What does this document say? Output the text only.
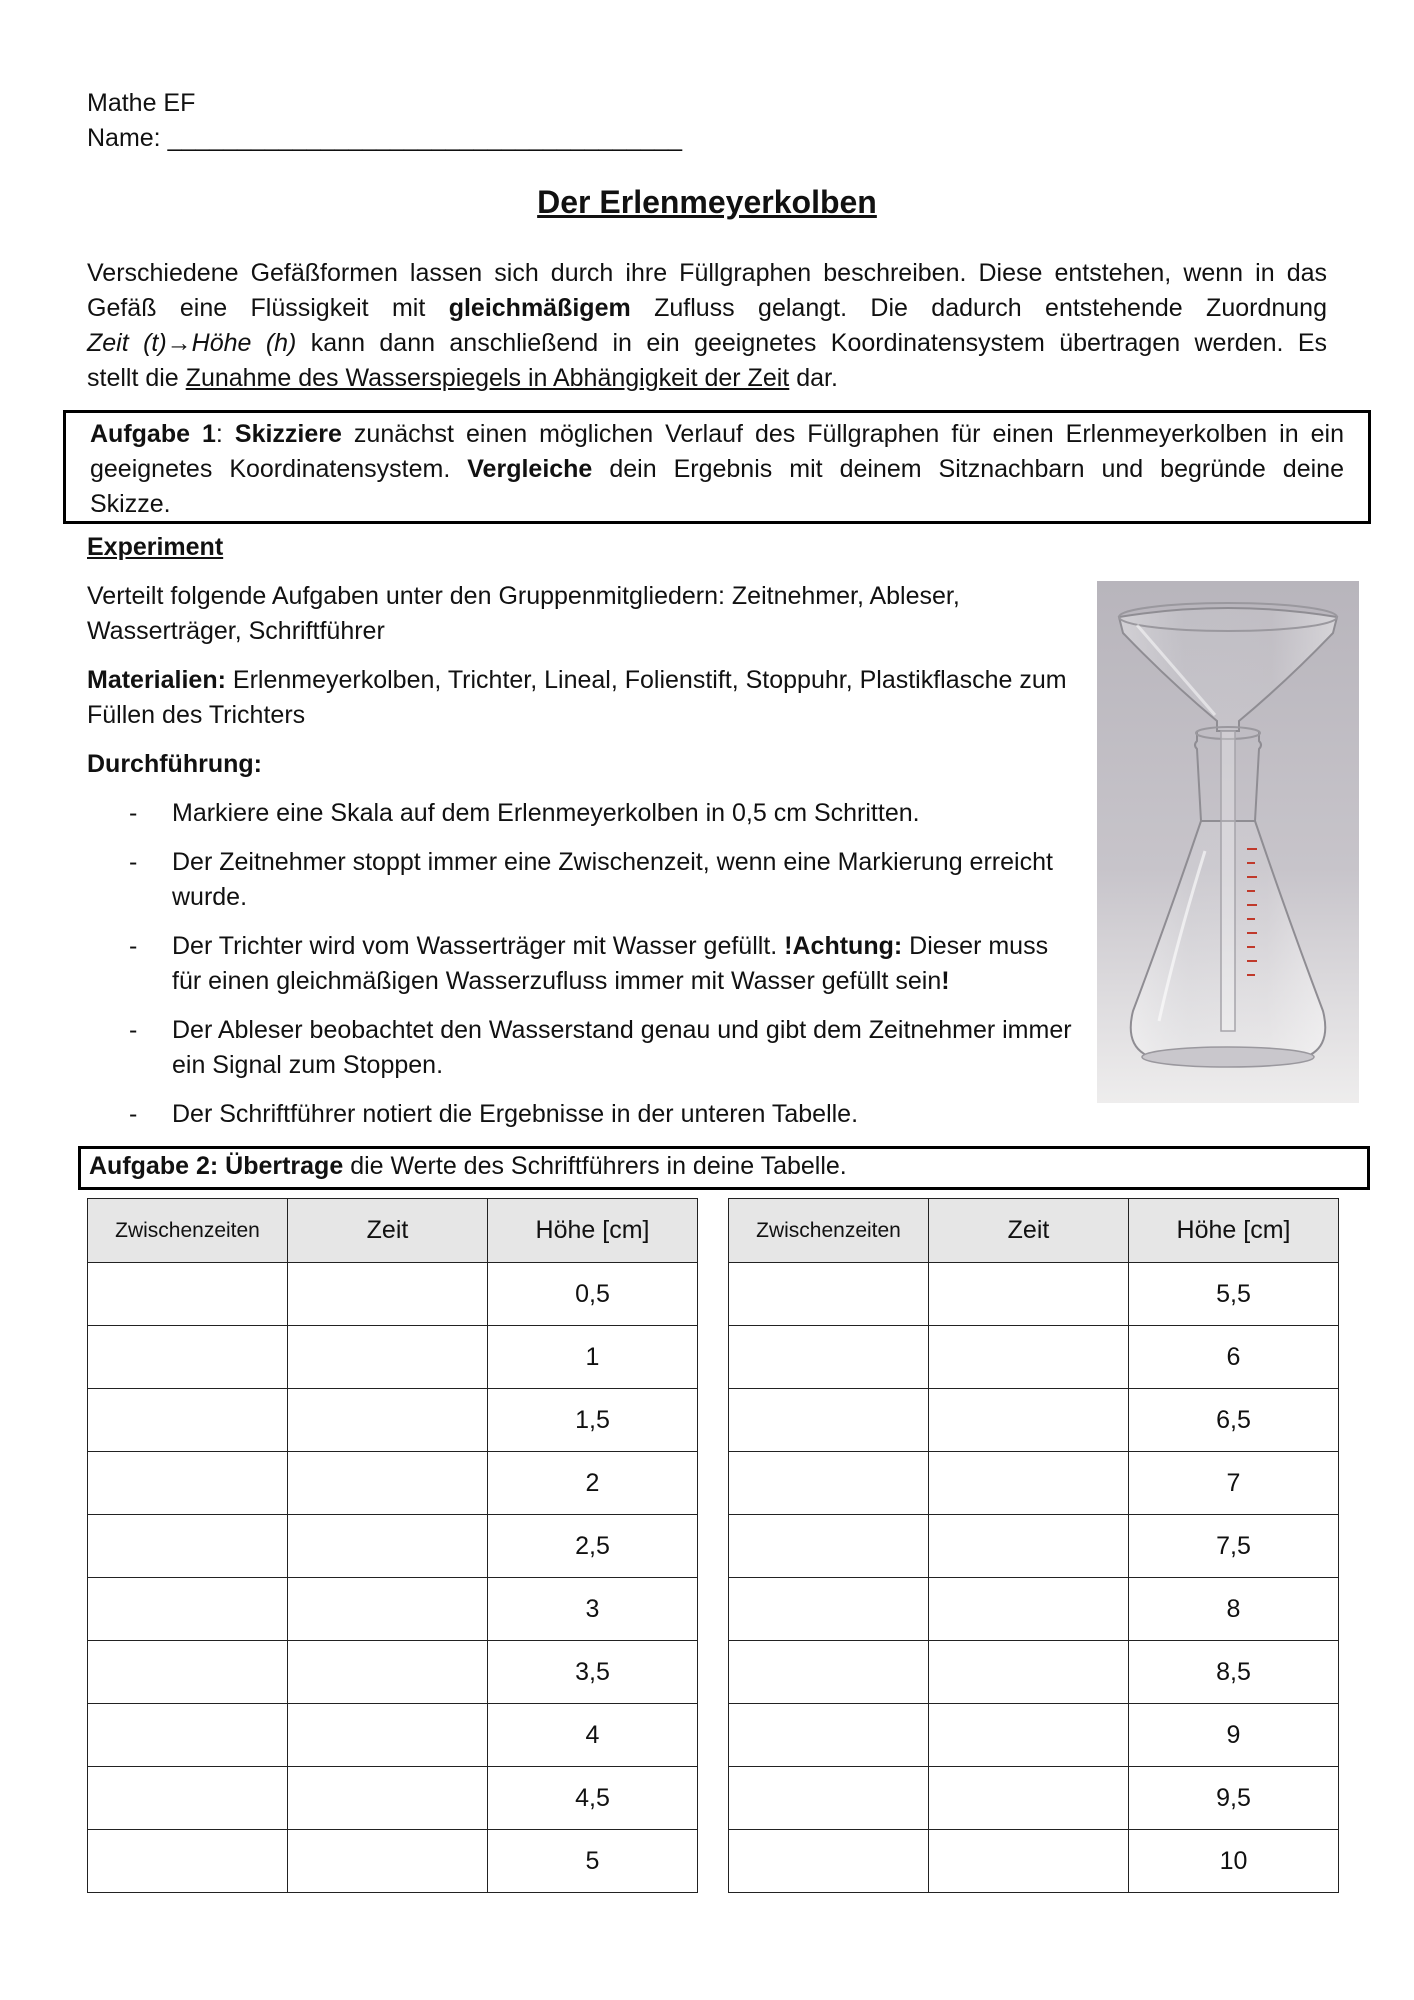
Mathe EF
Name: _____________________________________
Der Erlenmeyerkolben

Verschiedene Gefäßformen lassen sich durch ihre Füllgraphen beschreiben. Diese entstehen, wenn in das

Gefäß eine Flüssigkeit mit gleichmäßigem Zufluss gelangt. Die dadurch entstehende Zuordnung

Zeit (t)→Höhe (h) kann dann anschließend in ein geeignetes Koordinatensystem übertragen werden. Es

stellt die Zunahme des Wasserspiegels in Abhängigkeit der Zeit dar.

Aufgabe 1: Skizziere zunächst einen möglichen Verlauf des Füllgraphen für einen Erlenmeyerkolben in ein
geeignetes Koordinatensystem. Vergleiche dein Ergebnis mit deinem Sitznachbarn und begründe deine
Skizze.
Experiment
Verteilt folgende Aufgaben unter den Gruppenmitgliedern: Zeitnehmer, Ableser, Wasserträger, Schriftführer
Materialien: Erlenmeyerkolben, Trichter, Lineal, Folienstift, Stoppuhr, Plastikflasche zum Füllen des Trichters
Durchführung:
- Markiere eine Skala auf dem Erlenmeyerkolben in 0,5 cm Schritten.
- Der Zeitnehmer stoppt immer eine Zwischenzeit, wenn eine Markierung erreicht wurde.
- Der Trichter wird vom Wasserträger mit Wasser gefüllt. !Achtung: Dieser muss für einen gleichmäßigen Wasserzufluss immer mit Wasser gefüllt sein!
- Der Ableser beobachtet den Wasserstand genau und gibt dem Zeitnehmer immer ein Signal zum Stoppen.
- Der Schriftführer notiert die Ergebnisse in der unteren Tabelle.
Aufgabe 2: Übertrage die Werte des Schriftführers in deine Tabelle.
Zwischenzeiten	Zeit	Höhe [cm]
		0,5
		1
		1,5
		2
		2,5
		3
		3,5
		4
		4,5
		5
Zwischenzeiten	Zeit	Höhe [cm]
		5,5
		6
		6,5
		7
		7,5
		8
		8,5
		9
		9,5
		10
